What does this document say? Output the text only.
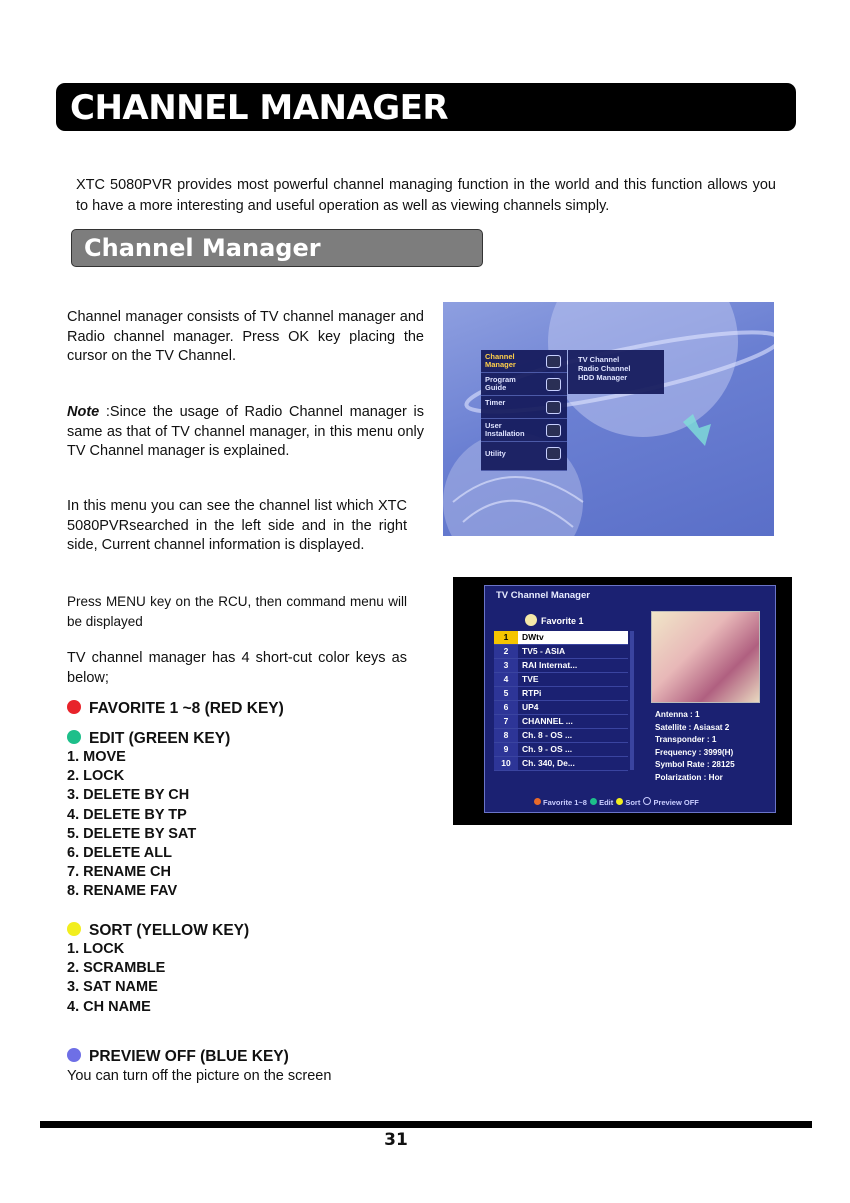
CHANNEL MANAGER
XTC 5080PVR provides most powerful channel managing function in the world and this function allows you to have a more interesting and useful operation as well as viewing channels simply.
Channel Manager
Channel manager consists of TV channel manager and Radio channel manager. Press OK key placing the cursor on the TV Channel.
Note :Since the usage of Radio Channel manager is same as that of TV channel manager, in this menu only TV Channel manager is explained.
In this menu you can see the channel list which XTC 5080PVRsearched in the left side and in the right side, Current channel information is displayed.
Press MENU key on the RCU, then command menu will be displayed
TV channel manager has 4 short-cut color keys as below;
FAVORITE 1 ~8 (RED KEY)
EDIT (GREEN KEY)
1. MOVE
2. LOCK
3. DELETE BY CH
4. DELETE BY TP
5. DELETE BY SAT
6. DELETE ALL
7. RENAME CH
8. RENAME FAV
SORT (YELLOW KEY)
1. LOCK
2. SCRAMBLE
3. SAT NAME
4. CH NAME
PREVIEW OFF (BLUE KEY)
You can turn off the picture on the screen
Channel Manager
Program Guide
Timer
User Installation
Utility
TV Channel
Radio Channel
HDD Manager
TV Channel Manager
Favorite 1
1	DWtv
2	TV5 - ASIA
3	RAI Internat...
4	TVE
5	RTPi
6	UP4
7	CHANNEL ...
8	Ch. 8 - OS ...
9	Ch. 9 - OS ...
10	Ch. 340, De...
Antenna : 1
Satellite : Asiasat 2
Transponder : 1
Frequency : 3999(H)
Symbol Rate : 28125
Polarization : Hor
Favorite 1~8 Edit Sort Preview OFF
31
